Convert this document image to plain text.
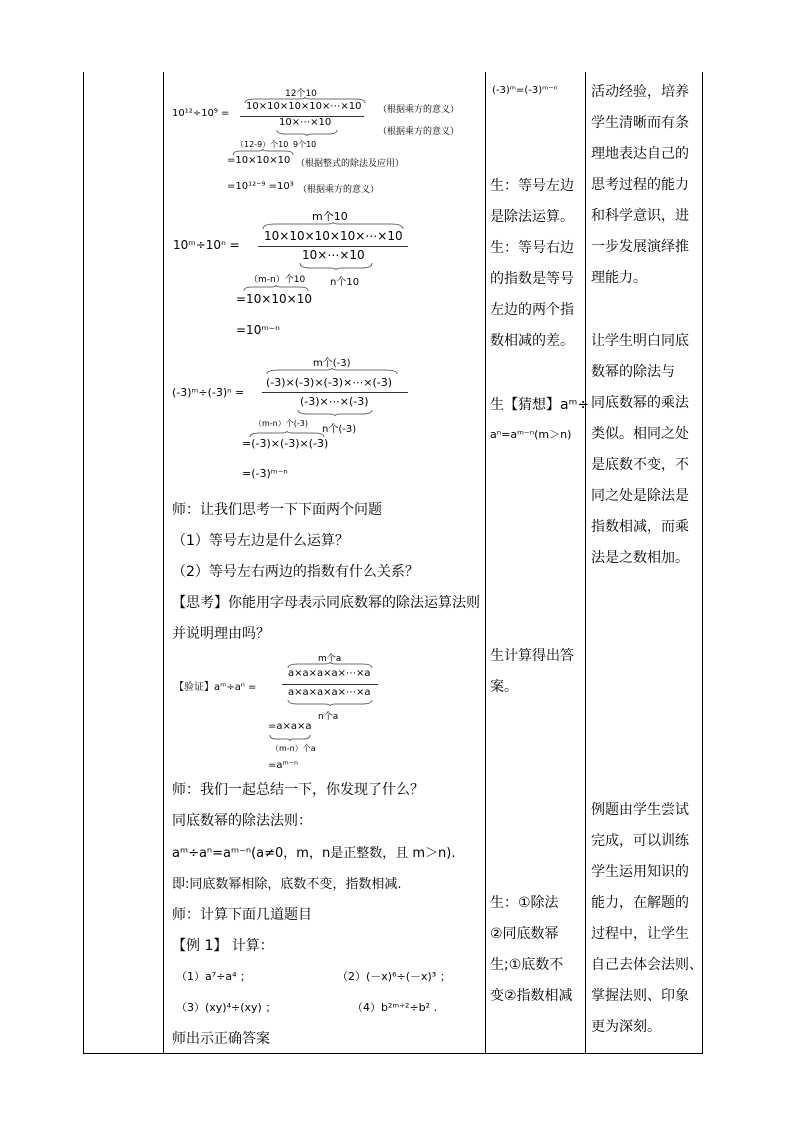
12个10
10¹²÷10⁹ =
10×10×10×10×⋯×10
10×⋯×10
（根据乘方的意义）
（根据乘方的意义）
（12-9）个10 9个10
=10×10×10 （根据整式的除法及应用）
=10¹²⁻⁹ =10³ （根据乘方的意义）
m个10
10ᵐ÷10ⁿ =
10×10×10×10×⋯×10
10×⋯×10
（m-n）个10 n个10
=10×10×10
=10ᵐ⁻ⁿ
m个(-3)
(-3)ᵐ÷(-3)ⁿ =
(-3)×(-3)×(-3)×⋯×(-3)
(-3)×⋯×(-3)
（m-n）个(-3)
n个(-3)
=(-3)×(-3)×(-3)
=(-3)ᵐ⁻ⁿ
师：让我们思考一下下面两个问题
（1）等号左边是什么运算？
（2）等号左右两边的指数有什么关系？
【思考】你能用字母表示同底数幂的除法运算法则
并说明理由吗？
m个a
【验证】aᵐ÷aⁿ =
a×a×a×a×⋯×a
a×a×a×a×⋯×a
n个a
=a×a×a
（m-n）个a
=aᵐ⁻ⁿ
师：我们一起总结一下，你发现了什么？
同底数幂的除法法则：
aᵐ÷aⁿ=aᵐ⁻ⁿ(a≠0，m，n是正整数，且 m＞n).
即:同底数幂相除，底数不变，指数相减.
师：计算下面几道题目
【例 1】 计算：
（1）a⁷÷a⁴ ；	（2）(－x)⁶÷(－x)³ ；
（3）(xy)⁴÷(xy) ；	（4）b²ᵐ⁺²÷b² .
师出示正确答案
(-3)ᵐ=(-3)ᵐ⁻ⁿ
生：等号左边
是除法运算。
生：等号右边
的指数是等号
左边的两个指
数相减的差。
生【猜想】aᵐ÷
aⁿ=aᵐ⁻ⁿ(m＞n)
生计算得出答
案。
生：①除法
②同底数幂
生;①底数不
变②指数相减
活动经验，培养
学生清晰而有条
理地表达自己的
思考过程的能力
和科学意识，进
一步发展演绎推
理能力。
让学生明白同底
数幂的除法与
同底数幂的乘法
类似。相同之处
是底数不变，不
同之处是除法是
指数相减，而乘
法是之数相加。
例题由学生尝试
完成，可以训练
学生运用知识的
能力，在解题的
过程中，让学生
自己去体会法则、
掌握法则、印象
更为深刻。
